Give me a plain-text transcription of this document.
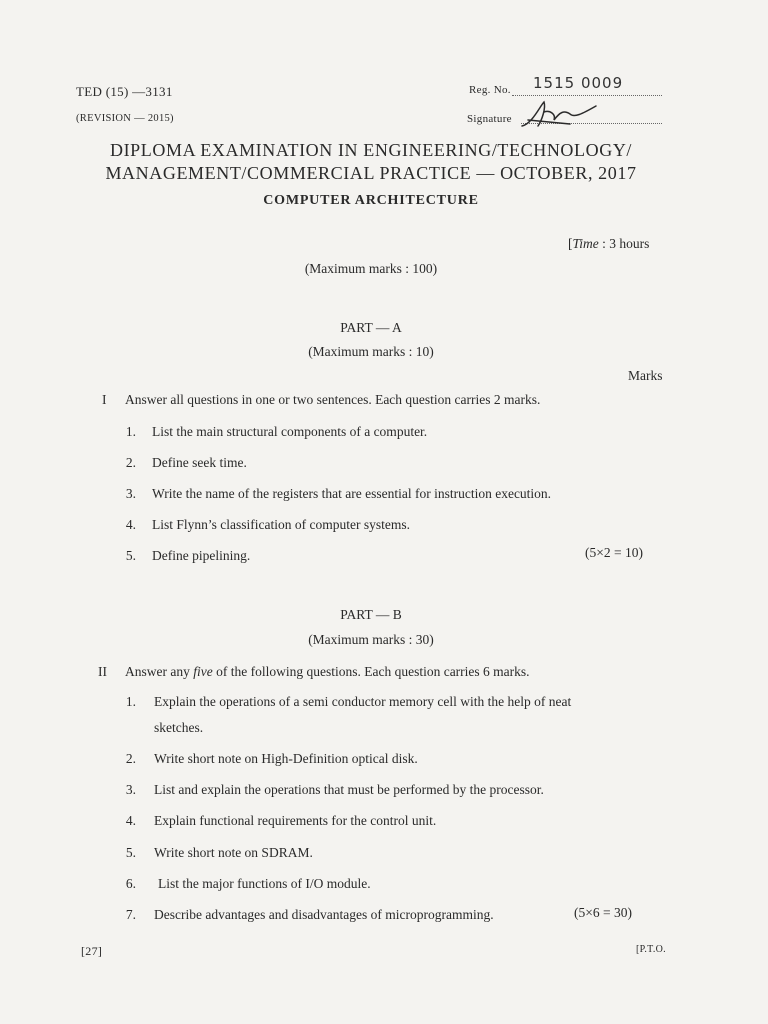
TED (15) —3131
(REVISION — 2015)
Reg. No. 1515 0009
Signature
DIPLOMA EXAMINATION IN ENGINEERING/TECHNOLOGY/
MANAGEMENT/COMMERCIAL PRACTICE — OCTOBER, 2017
COMPUTER ARCHITECTURE
[Time : 3 hours
(Maximum marks : 100)
PART — A
(Maximum marks : 10)
Marks
I Answer all questions in one or two sentences. Each question carries 2 marks.
1. List the main structural components of a computer.
2. Define seek time.
3. Write the name of the registers that are essential for instruction execution.
4. List Flynn’s classification of computer systems.
5. Define pipelining.	(5×2 = 10)
PART — B
(Maximum marks : 30)
II Answer any five of the following questions. Each question carries 6 marks.
1. Explain the operations of a semi conductor memory cell with the help of neat
sketches.
2. Write short note on High-Definition optical disk.
3. List and explain the operations that must be performed by the processor.
4. Explain functional requirements for the control unit.
5. Write short note on SDRAM.
6. List the major functions of I/O module.
7. Describe advantages and disadvantages of microprogramming.	(5×6 = 30)
[27]	[P.T.O.
